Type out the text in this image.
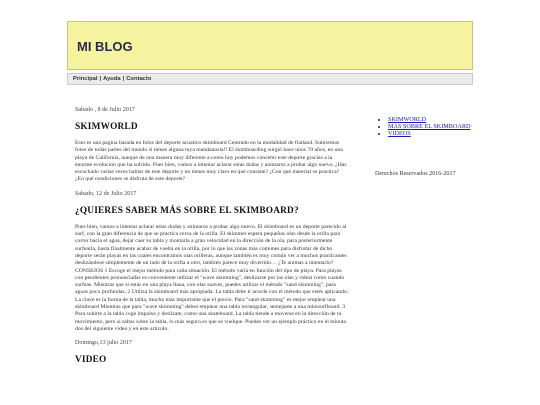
MI BLOG
Principal | Ayuda | Contacto
Sabado , 8 de Julio 2017
SKIMWORLD
Esto es una pagina basada en fotos del deporte acuatico skimboard Centrado en la modalidad de flatland. Subiremos fotos de todas partes del mundo si tienes alguna tuya mandanosla!! El skimboarding surgió hace unos 70 años, en una playa de California, aunque de una manera muy diferente a como hoy podemos concebir este deporte gracias a la enorme evolución que ha sufrido. Pues bien, vamos a intentar aclarar estas dudas y animaros a probar algo nuevo. ¿Has escuchado varias veces hablar de este deporte y no tienes muy claro en qué consiste? ¿Con qué material se practica? ¿En qué condiciones se disfruta de este deporte?
Sabado, 12 de Julio 2017
¿QUIERES SABER MÁS SOBRE EL SKIMBOARD?
Pues bien, vamos a intentar aclarar estas dudas y animaros a probar algo nuevo. El skimboard es un deporte parecido al surf, con la gran diferencia de que se practica cerca de la orilla. El skimmer espera pequeñas olas desde la orilla para correr hacia el agua, dejar caer su tabla y montarla a gran velocidad en la dirección de la ola, para posteriormente surfearla, hasta finalmente acabar de vuelta en la orilla, por lo que las zonas más comunes para disfrutar de dicho deporte serán playas en las cuales encontramos olas orilleras, aunque también es muy común ver a muchos practicantes deslizándose simplemente de un lado de la orilla a otro, también parece muy divertido… ¿Te animas a intentarlo? CONSEJOS 1 Escoge el mejor método para cada situación. El método varía en función del tipo de playa. Para playas con pendientes pronunciadas es conveniente utilizar el "wave skimming", deslizarse por las olas y rideat como cuando surfeas. Mientras que si estás en una playa llana, con olas suaves, puedes utilizar el método "sand skimming", para aguas poco profundas. 2 Utiliza la skimboard más apropiada. La tabla debe ir acorde con el método que estés aplicando. La clave es la forma de la tabla, mucho más importante que el precio. Para "sand skimming" es mejor emplear una skimboard Mientras que para "wave skimming" debes emplear una tabla rectangular, semejante a una minisurfboard. 3 Para subirte a la tabla coge impulso y deslízate, como una skateboard. La tabla tiende a moverse en la dirección de tu movimiento, pero si saltas sobre la tabla, lo más seguro es que se vuelque. Puedes ver un ejemplo práctico en el minuto dos del siguiente video y en este artículo.
Domingo,13 julio 2017
VIDEO
• SKIMWORLD
• MAS SOBRE EL SKIMBOARD
• VIDEOS
Derechos Reservados 2016-2017
